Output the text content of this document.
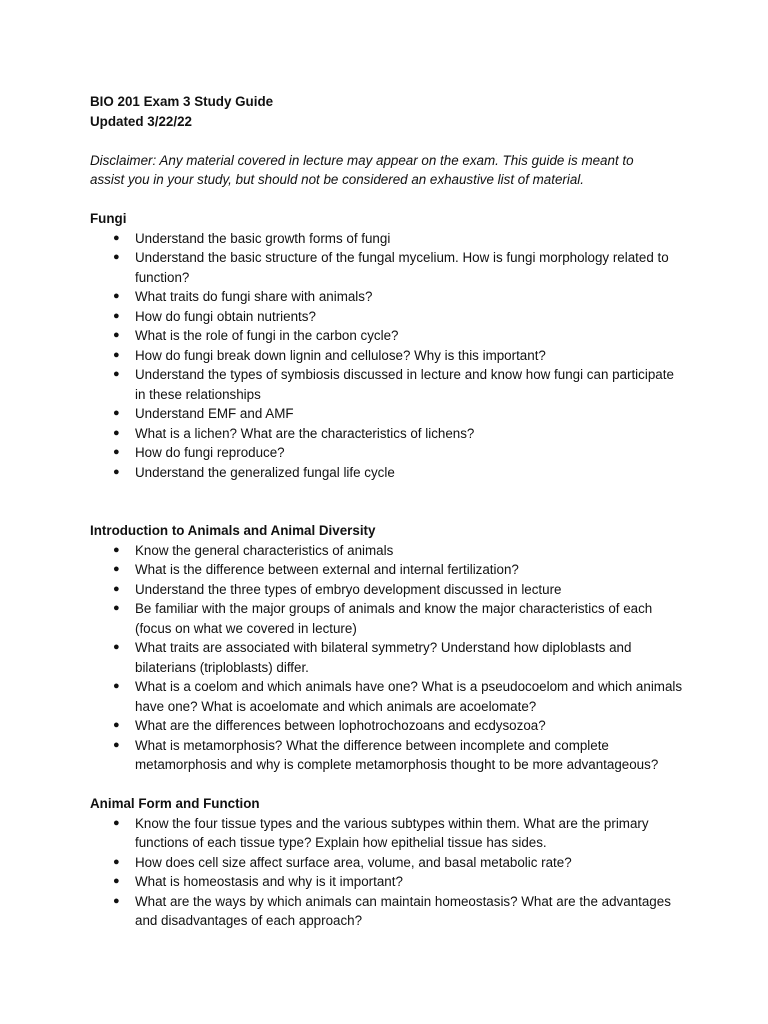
BIO 201 Exam 3 Study Guide
Updated 3/22/22

Disclaimer: Any material covered in lecture may appear on the exam. This guide is meant to assist you in your study, but should not be considered an exhaustive list of material.

Fungi
● Understand the basic growth forms of fungi
● Understand the basic structure of the fungal mycelium. How is fungi morphology related to function?
● What traits do fungi share with animals?
● How do fungi obtain nutrients?
● What is the role of fungi in the carbon cycle?
● How do fungi break down lignin and cellulose? Why is this important?
● Understand the types of symbiosis discussed in lecture and know how fungi can participate in these relationships
● Understand EMF and AMF
● What is a lichen? What are the characteristics of lichens?
● How do fungi reproduce?
● Understand the generalized fungal life cycle
Introduction to Animals and Animal Diversity
● Know the general characteristics of animals
● What is the difference between external and internal fertilization?
● Understand the three types of embryo development discussed in lecture
● Be familiar with the major groups of animals and know the major characteristics of each (focus on what we covered in lecture)
● What traits are associated with bilateral symmetry? Understand how diploblasts and bilaterians (triploblasts) differ.
● What is a coelom and which animals have one? What is a pseudocoelom and which animals have one? What is acoelomate and which animals are acoelomate?
● What are the differences between lophotrochozoans and ecdysozoa?
● What is metamorphosis? What the difference between incomplete and complete metamorphosis and why is complete metamorphosis thought to be more advantageous?
Animal Form and Function
● Know the four tissue types and the various subtypes within them. What are the primary functions of each tissue type? Explain how epithelial tissue has sides.
● How does cell size affect surface area, volume, and basal metabolic rate?
● What is homeostasis and why is it important?
● What are the ways by which animals can maintain homeostasis? What are the advantages and disadvantages of each approach?
